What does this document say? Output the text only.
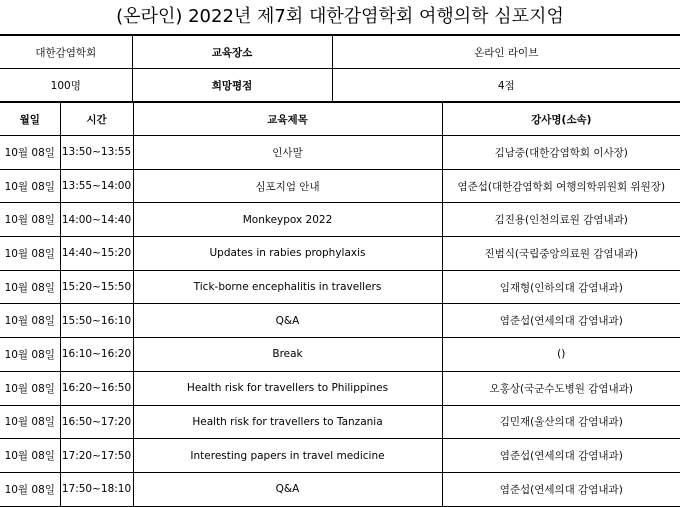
(온라인) 2022년 제7회 대한감염학회 여행의학 심포지엄
대한감염학회	교육장소	온라인 라이브
100명	희망평점	4점
월일	시간	교육제목	강사명(소속)
10월 08일	13:50~13:55	인사말	김남중(대한감염학회 이사장)
10월 08일	13:55~14:00	심포지엄 안내	염준섭(대한감염학회 여행의학위원회 위원장)
10월 08일	14:00~14:40	Monkeypox 2022	김진용(인천의료원 감염내과)
10월 08일	14:40~15:20	Updates in rabies prophylaxis	진범식(국립중앙의료원 감염내과)
10월 08일	15:20~15:50	Tick-borne encephalitis in travellers	임재형(인하의대 감염내과)
10월 08일	15:50~16:10	Q&A	염준섭(연세의대 감염내과)
10월 08일	16:10~16:20	Break	()
10월 08일	16:20~16:50	Health risk for travellers to Philippines	오홍상(국군수도병원 감염내과)
10월 08일	16:50~17:20	Health risk for travellers to Tanzania	김민재(울산의대 감염내과)
10월 08일	17:20~17:50	Interesting papers in travel medicine	염준섭(연세의대 감염내과)
10월 08일	17:50~18:10	Q&A	염준섭(연세의대 감염내과)
